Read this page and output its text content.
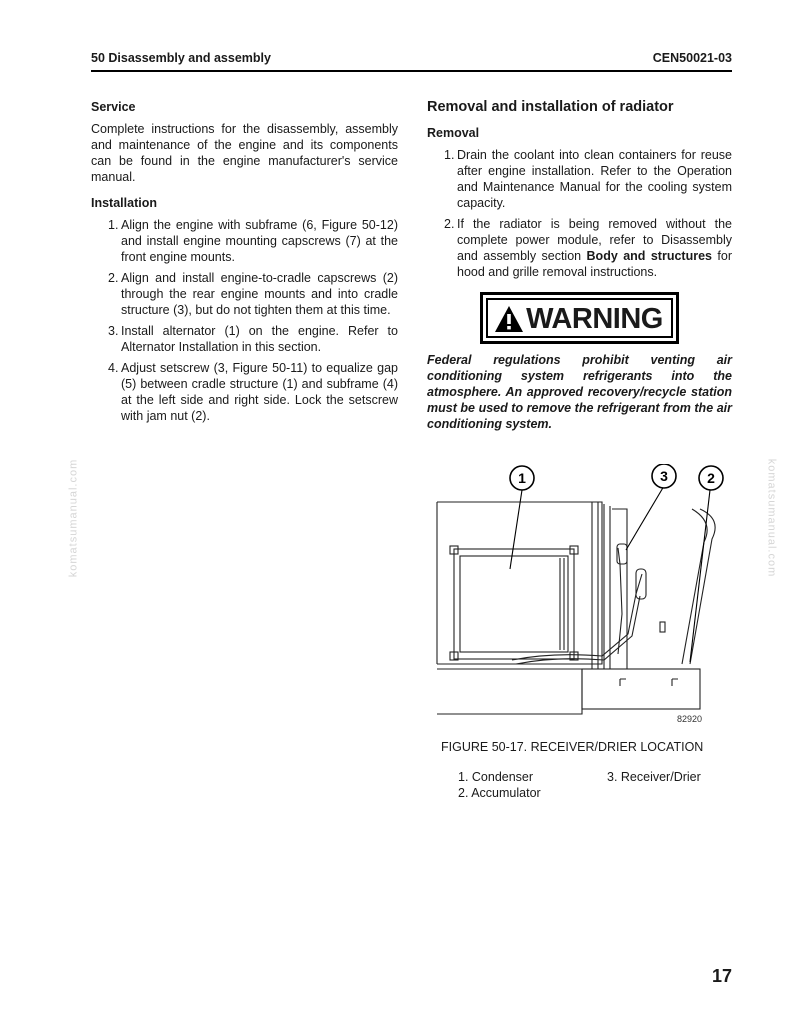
50 Disassembly and assembly	CEN50021-03
Service

Complete instructions for the disassembly, assembly and maintenance of the engine and its components can be found in the engine manufacturer's service manual.

Installation
1. Align the engine with subframe (6, Figure 50-12) and install engine mounting capscrews (7) at the front engine mounts.
2. Align and install engine-to-cradle capscrews (2) through the rear engine mounts and into cradle structure (3), but do not tighten them at this time.
3. Install alternator (1) on the engine. Refer to Alternator Installation in this section.
4. Adjust setscrew (3, Figure 50-11) to equalize gap (5) between cradle structure (1) and subframe (4) at the left side and right side. Lock the setscrew with jam nut (2).
Removal and installation of radiator
Removal
1. Drain the coolant into clean containers for reuse after engine installation. Refer to the Operation and Maintenance Manual for the cooling system capacity.
2. If the radiator is being removed without the complete power module, refer to Disassembly and assembly section Body and structures for hood and grille removal instructions.
WARNING
Federal regulations prohibit venting air conditioning system refrigerants into the atmosphere. An approved recovery/recycle station must be used to remove the refrigerant from the air conditioning system.
1	3	2
82920
FIGURE 50-17. RECEIVER/DRIER LOCATION
1. Condenser
2. Accumulator
3. Receiver/Drier
17
komatsumanual.com	komatsumanual.com
